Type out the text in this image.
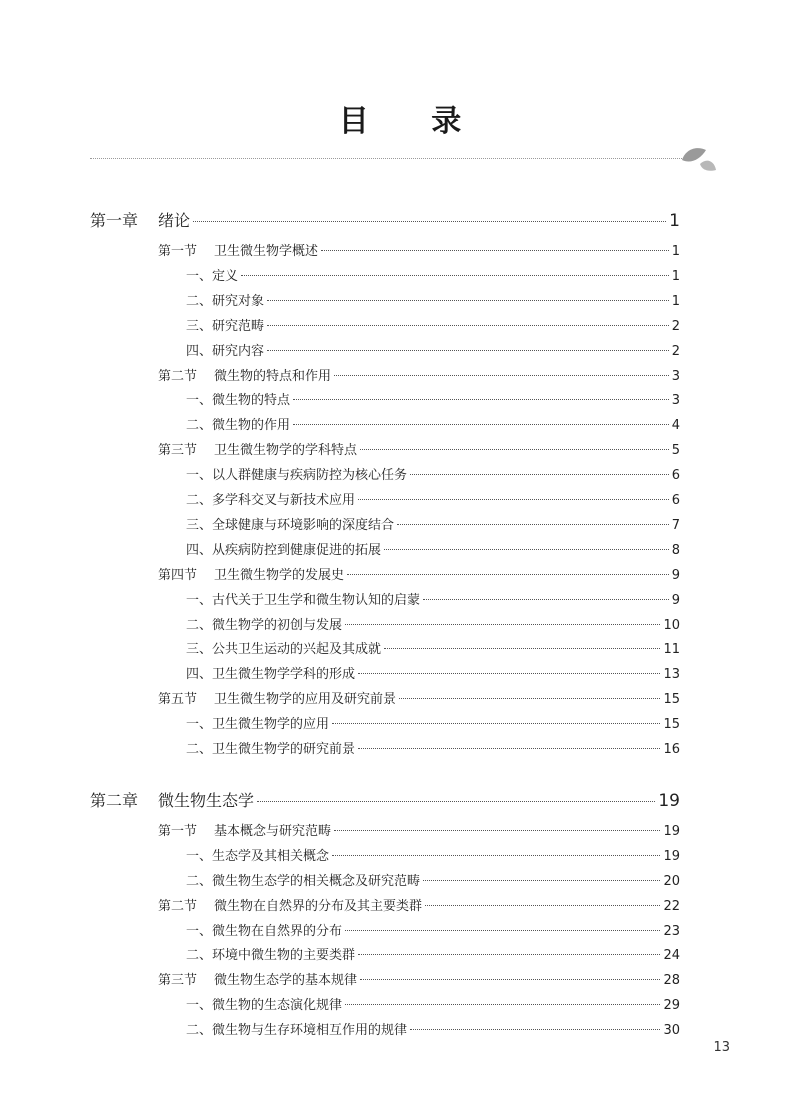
目 录
第一章	绪论	1
第一节	卫生微生物学概述	1
一、定义	1
二、研究对象	1
三、研究范畴	2
四、研究内容	2
第二节	微生物的特点和作用	3
一、微生物的特点	3
二、微生物的作用	4
第三节	卫生微生物学的学科特点	5
一、以人群健康与疾病防控为核心任务	6
二、多学科交叉与新技术应用	6
三、全球健康与环境影响的深度结合	7
四、从疾病防控到健康促进的拓展	8
第四节	卫生微生物学的发展史	9
一、古代关于卫生学和微生物认知的启蒙	9
二、微生物学的初创与发展	10
三、公共卫生运动的兴起及其成就	11
四、卫生微生物学学科的形成	13
第五节	卫生微生物学的应用及研究前景	15
一、卫生微生物学的应用	15
二、卫生微生物学的研究前景	16
第二章	微生物生态学	19
第一节	基本概念与研究范畴	19
一、生态学及其相关概念	19
二、微生物生态学的相关概念及研究范畴	20
第二节	微生物在自然界的分布及其主要类群	22
一、微生物在自然界的分布	23
二、环境中微生物的主要类群	24
第三节	微生物生态学的基本规律	28
一、微生物的生态演化规律	29
二、微生物与生存环境相互作用的规律	30
13
